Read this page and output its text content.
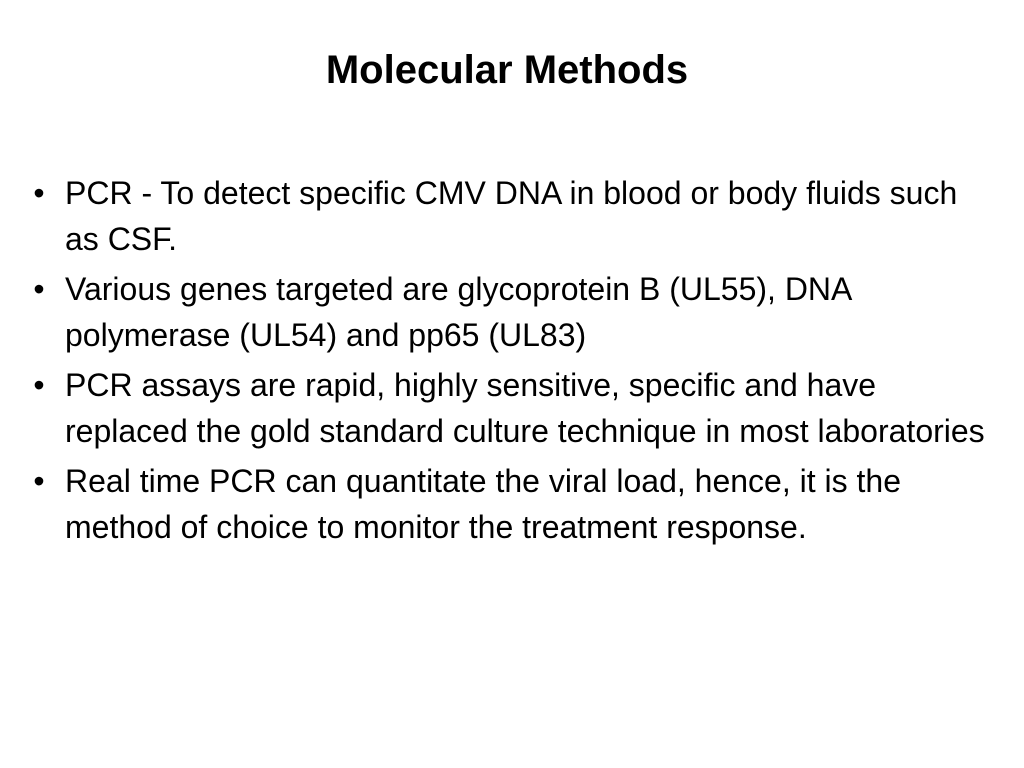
Molecular Methods
• PCR - To detect specific CMV DNA in blood or body fluids such as CSF.
• Various genes targeted are glycoprotein B (UL55), DNA polymerase (UL54) and pp65 (UL83)
• PCR assays are rapid, highly sensitive, specific and have replaced the gold standard culture technique in most laboratories
• Real time PCR can quantitate the viral load, hence, it is the method of choice to monitor the treatment response.
